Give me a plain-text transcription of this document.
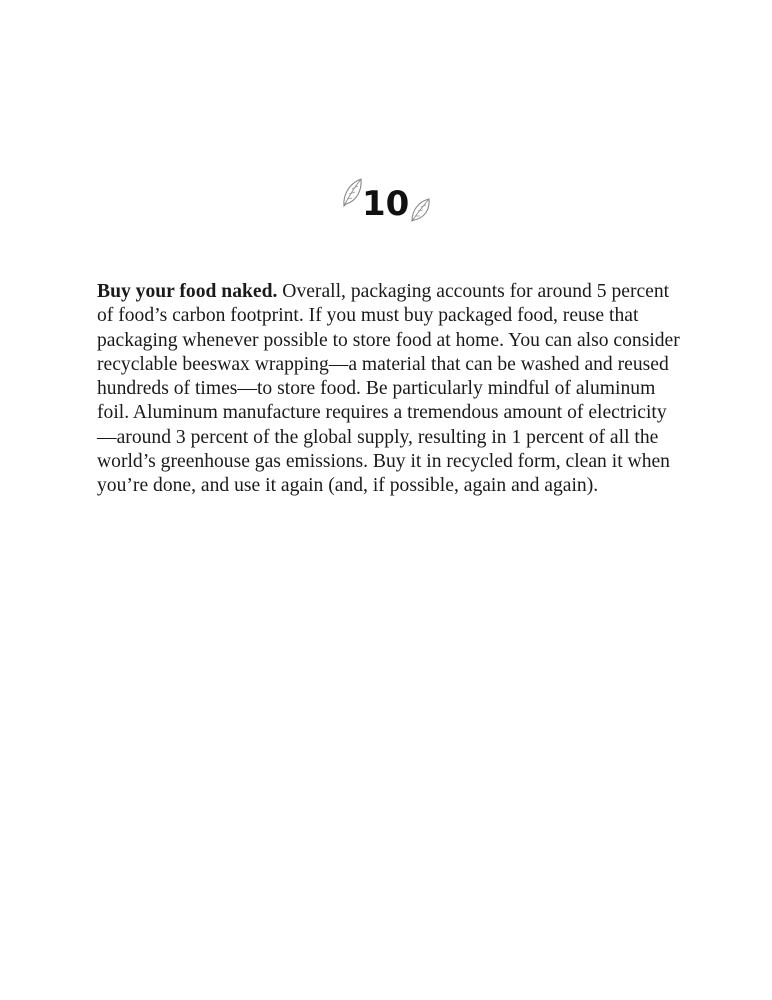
10

Buy your food naked. Overall, packaging accounts for around 5 percent of food’s carbon footprint. If you must buy packaged food, reuse that packaging whenever possible to store food at home. You can also consider recyclable beeswax wrapping—a material that can be washed and reused hundreds of times—to store food. Be particularly mindful of aluminum foil. Aluminum manufacture requires a tremendous amount of electricity—around 3 percent of the global supply, resulting in 1 percent of all the world’s greenhouse gas emissions. Buy it in recycled form, clean it when you’re done, and use it again (and, if possible, again and again).
